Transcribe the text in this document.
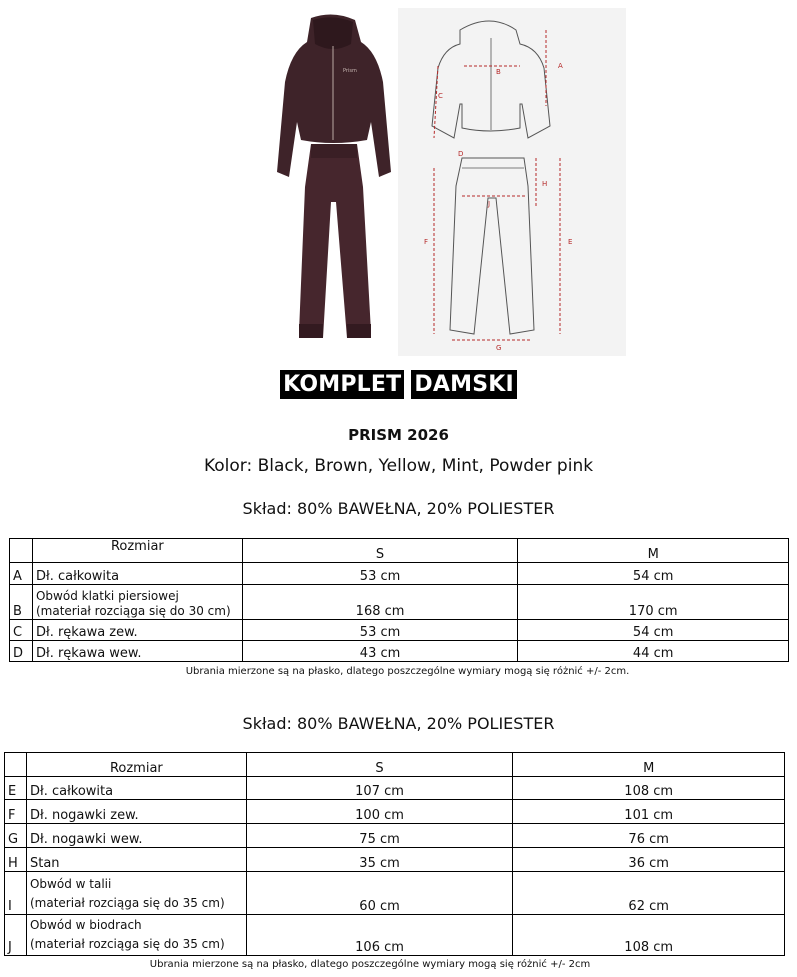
Prism
A
B
C
D
E
F
G
H
J
KOMPLET DAMSKI
PRISM 2026
Kolor: Black, Brown, Yellow, Mint, Powder pink
Skład: 80% BAWEŁNA, 20% POLIESTER
	Rozmiar	S	M
A	Dł. całkowita	53 cm	54 cm
B	Obwód klatki piersiowej
(materiał rozciąga się do 30 cm)	168 cm	170 cm
C	Dł. rękawa zew.	53 cm	54 cm
D	Dł. rękawa wew.	43 cm	44 cm
Ubrania mierzone są na płasko, dlatego poszczególne wymiary mogą się różnić +/- 2cm.
Skład: 80% BAWEŁNA, 20% POLIESTER
	Rozmiar	S	M
E	Dł. całkowita	107 cm	108 cm
F	Dł. nogawki zew.	100 cm	101 cm
G	Dł. nogawki wew.	75 cm	76 cm
H	Stan	35 cm	36 cm
I	Obwód w talii
(materiał rozciąga się do 35 cm)	60 cm	62 cm
J	Obwód w biodrach
(materiał rozciąga się do 35 cm)	106 cm	108 cm
Ubrania mierzone są na płasko, dlatego poszczególne wymiary mogą się różnić +/- 2cm
